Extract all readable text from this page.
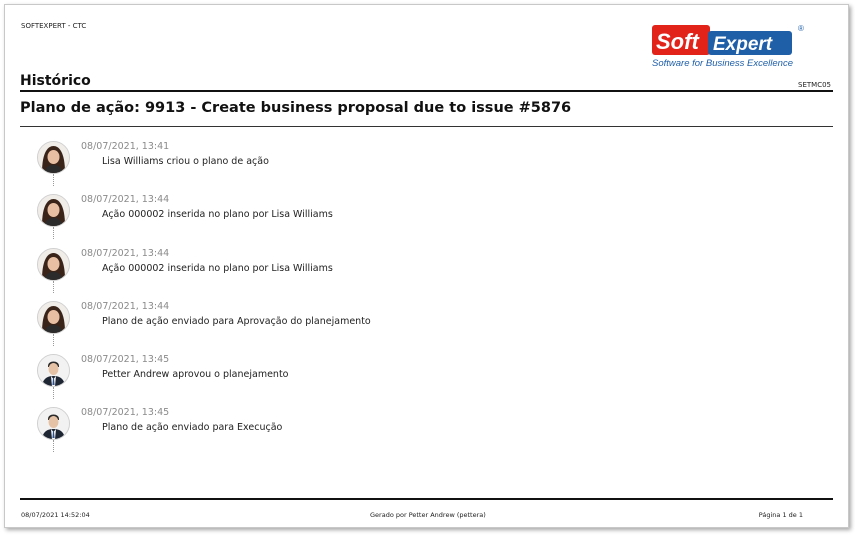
SOFTEXPERT - CTC
Soft Expert
®
Software for Business Excellence
Histórico	SETMC05
Plano de ação: 9913 - Create business proposal due to issue #5876
08/07/2021, 13:41
Lisa Williams criou o plano de ação
08/07/2021, 13:44
Ação 000002 inserida no plano por Lisa Williams
08/07/2021, 13:44
Ação 000002 inserida no plano por Lisa Williams
08/07/2021, 13:44
Plano de ação enviado para Aprovação do planejamento
08/07/2021, 13:45
Petter Andrew aprovou o planejamento
08/07/2021, 13:45
Plano de ação enviado para Execução
08/07/2021 14:52:04	Gerado por Petter Andrew (pettera)	Página 1 de 1
